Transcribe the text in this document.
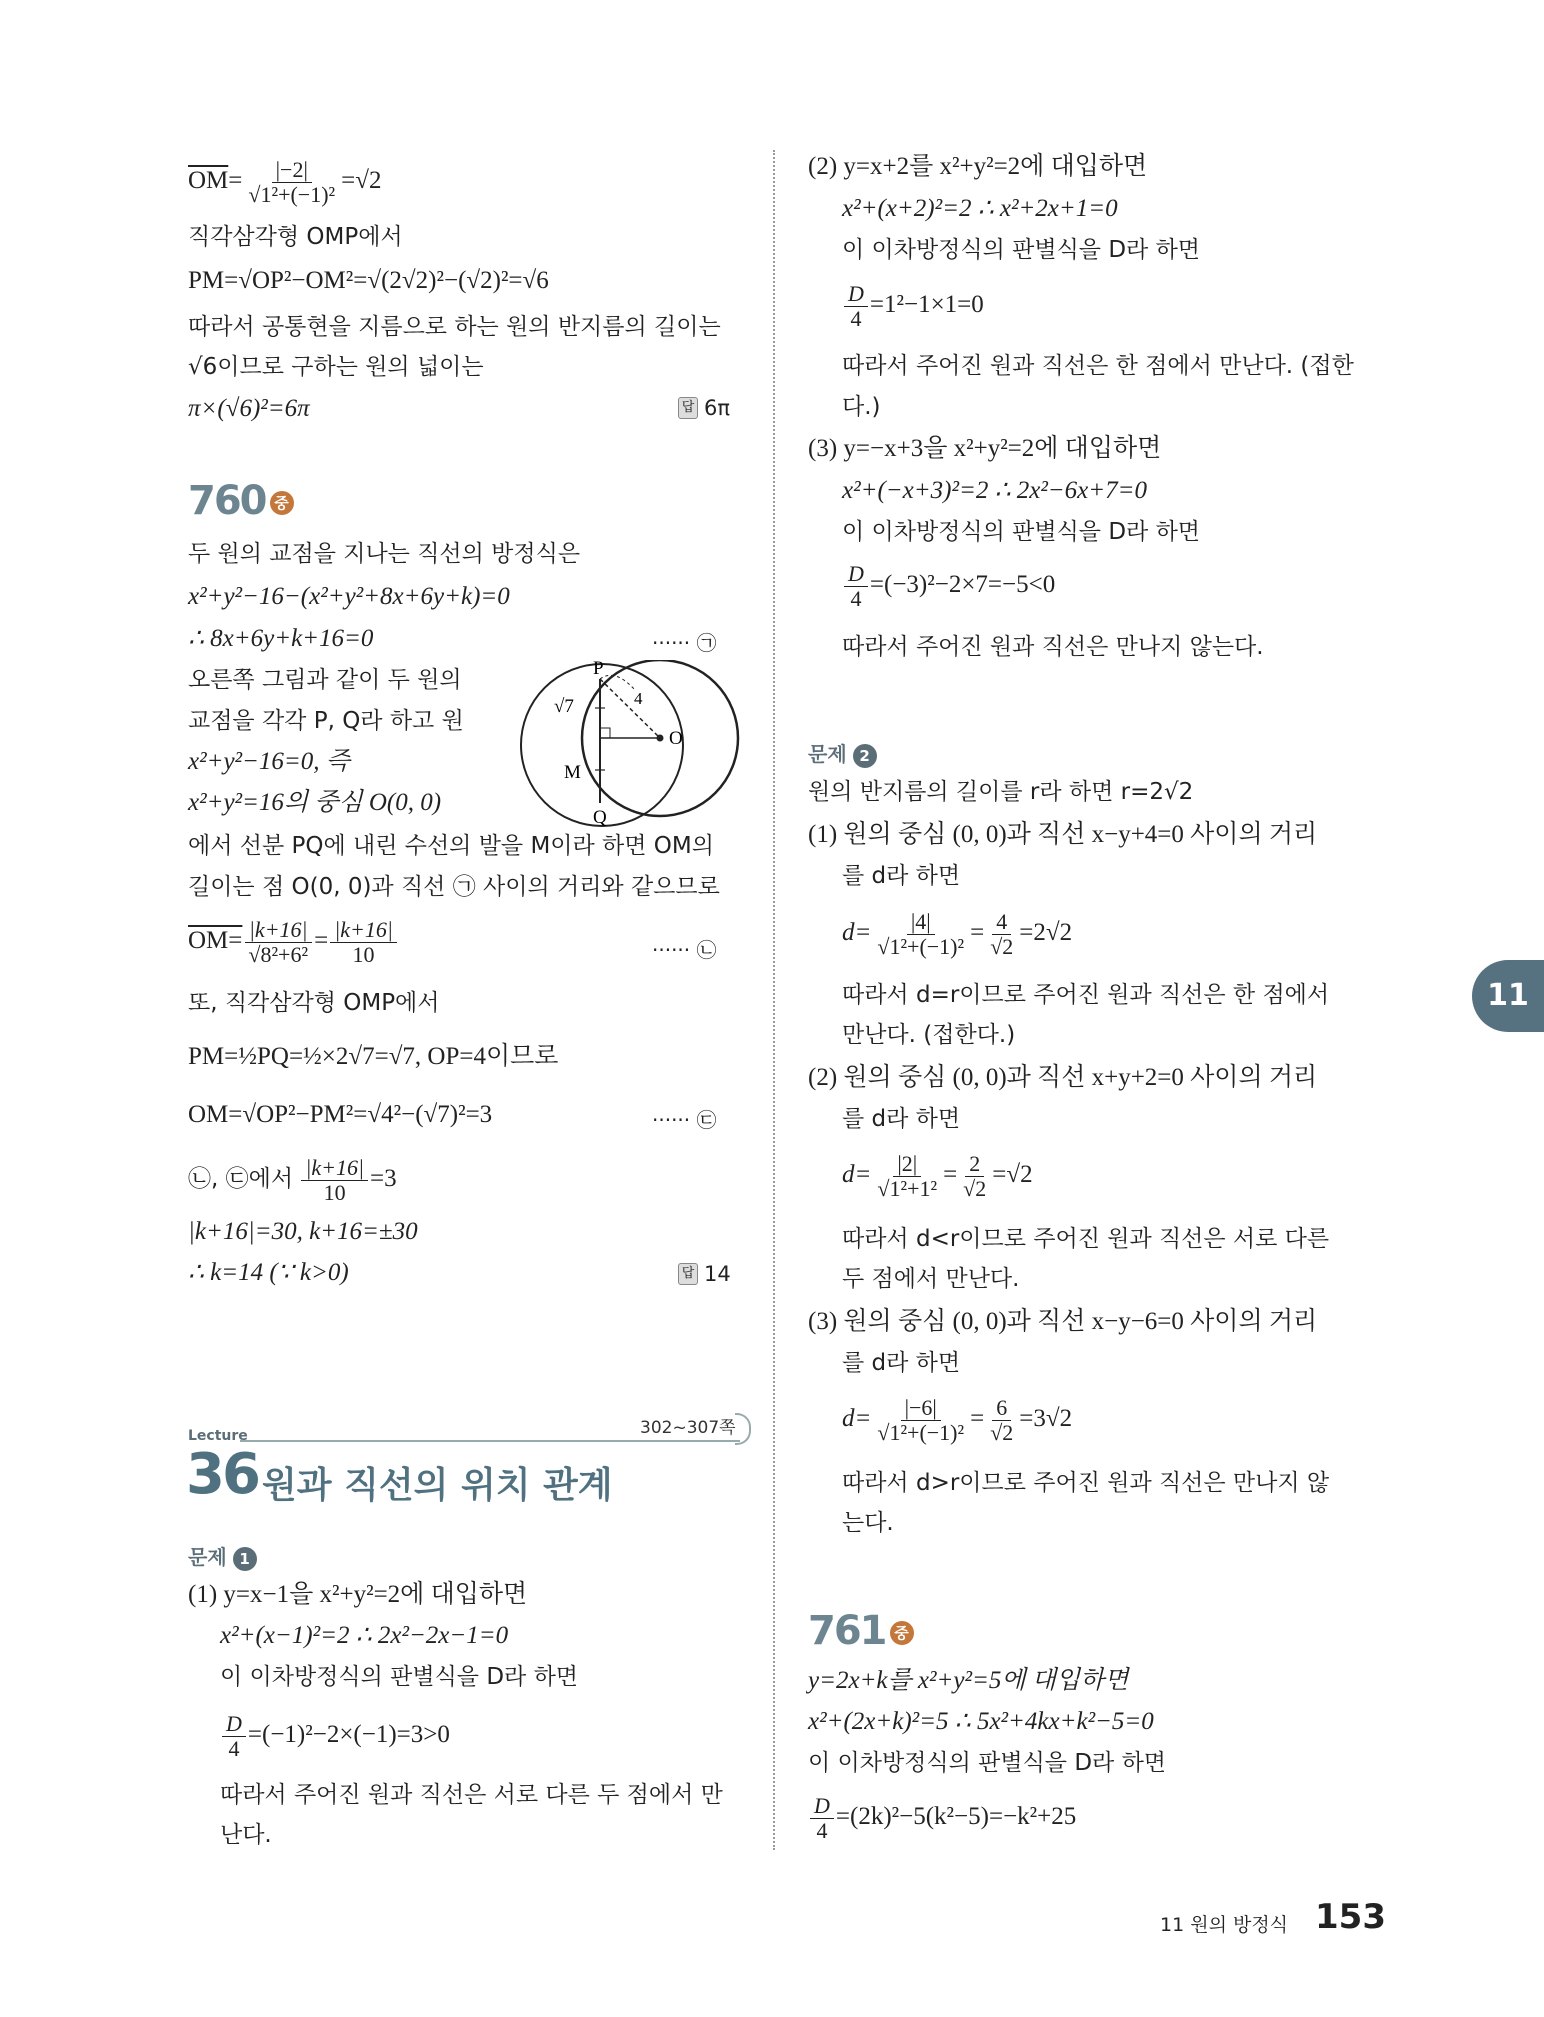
$\overline{OM}= \frac{|-2|}{\text{√1²+(−1)²}} =√2$
직각삼각형 OMP에서
PM=√OP²−OM²=√(2√2)²−(√2)²=√6
따라서 공통현을 지름으로 하는 원의 반지름의 길이는
√6이므로 구하는 원의 넓이는
π×(√6)²=6π	답 6π
760 중
두 원의 교점을 지나는 직선의 방정식은
x²+y²−16−(x²+y²+8x+6y+k)=0
∴ 8x+6y+k+16=0	······ ㉠
오른쪽 그림과 같이 두 원의
교점을 각각 P, Q라 하고 원
x²+y²−16=0, 즉
x²+y²=16의 중심 O(0, 0)
√7	4
P
Q
M
O
에서 선분 PQ에 내린 수선의 발을 M이라 하면 OM의
길이는 점 O(0, 0)과 직선 ㉠ 사이의 거리와 같으므로
$OM= \frac{|k+16|}{\text{√8²+6²}} = \frac{|k+16|}{10}$	······ ㉡
또, 직각삼각형 OMP에서
PM=½PQ=½×2√7=√7, OP=4이므로
OM=√OP²−PM²=√4²−(√7)²=3	······ ㉢
㉡, ㉢에서 $\frac{|k+16|}{10} =3$
|k+16|=30, k+16=±30
∴ k=14 (∵ k>0)	답 14
302~307쪽
Lecture
36 원과 직선의 위치 관계
문제 1
(1) y=x−1을 x²+y²=2에 대입하면
x²+(x−1)²=2 ∴ 2x²−2x−1=0
이 이차방정식의 판별식을 D라 하면
$\frac{D}{4} =(-1)^2-2\times(-1)=3>0$
따라서 주어진 원과 직선은 서로 다른 두 점에서 만
난다.
(2) y=x+2를 x²+y²=2에 대입하면
x²+(x+2)²=2 ∴ x²+2x+1=0
이 이차방정식의 판별식을 D라 하면
$\frac{D}{4} =1^2-1\times 1=0$
따라서 주어진 원과 직선은 한 점에서 만난다. (접한
다.)
(3) y=−x+3을 x²+y²=2에 대입하면
x²+(−x+3)²=2 ∴ 2x²−6x+7=0
이 이차방정식의 판별식을 D라 하면
$\frac{D}{4} =(-3)^2-2\times 7=-5<0$
따라서 주어진 원과 직선은 만나지 않는다.
문제 2
원의 반지름의 길이를 r라 하면 r=2√2
(1) 원의 중심 (0, 0)과 직선 x−y+4=0 사이의 거리
를 d라 하면
$d= \frac{|4|}{\text{√1²+(−1)²}} = \frac{4}{√2} =2√2$
따라서 d=r이므로 주어진 원과 직선은 한 점에서
만난다. (접한다.)
(2) 원의 중심 (0, 0)과 직선 x+y+2=0 사이의 거리
를 d라 하면
$d= \frac{|2|}{\text{√1²+1²}} = \frac{2}{√2} =√2$
따라서 d<r이므로 주어진 원과 직선은 서로 다른
두 점에서 만난다.
(3) 원의 중심 (0, 0)과 직선 x−y−6=0 사이의 거리
를 d라 하면
$d= \frac{|-6|}{\text{√1²+(−1)²}} = \frac{6}{√2} =3√2$
따라서 d>r이므로 주어진 원과 직선은 만나지 않
는다.
761 중
y=2x+k를 x²+y²=5에 대입하면
x²+(2x+k)²=5 ∴ 5x²+4kx+k²−5=0
이 이차방정식의 판별식을 D라 하면
$\frac{D}{4} =(2k)^2-5(k^2-5)=-k^2+25$
11
11 원의 방정식 153
